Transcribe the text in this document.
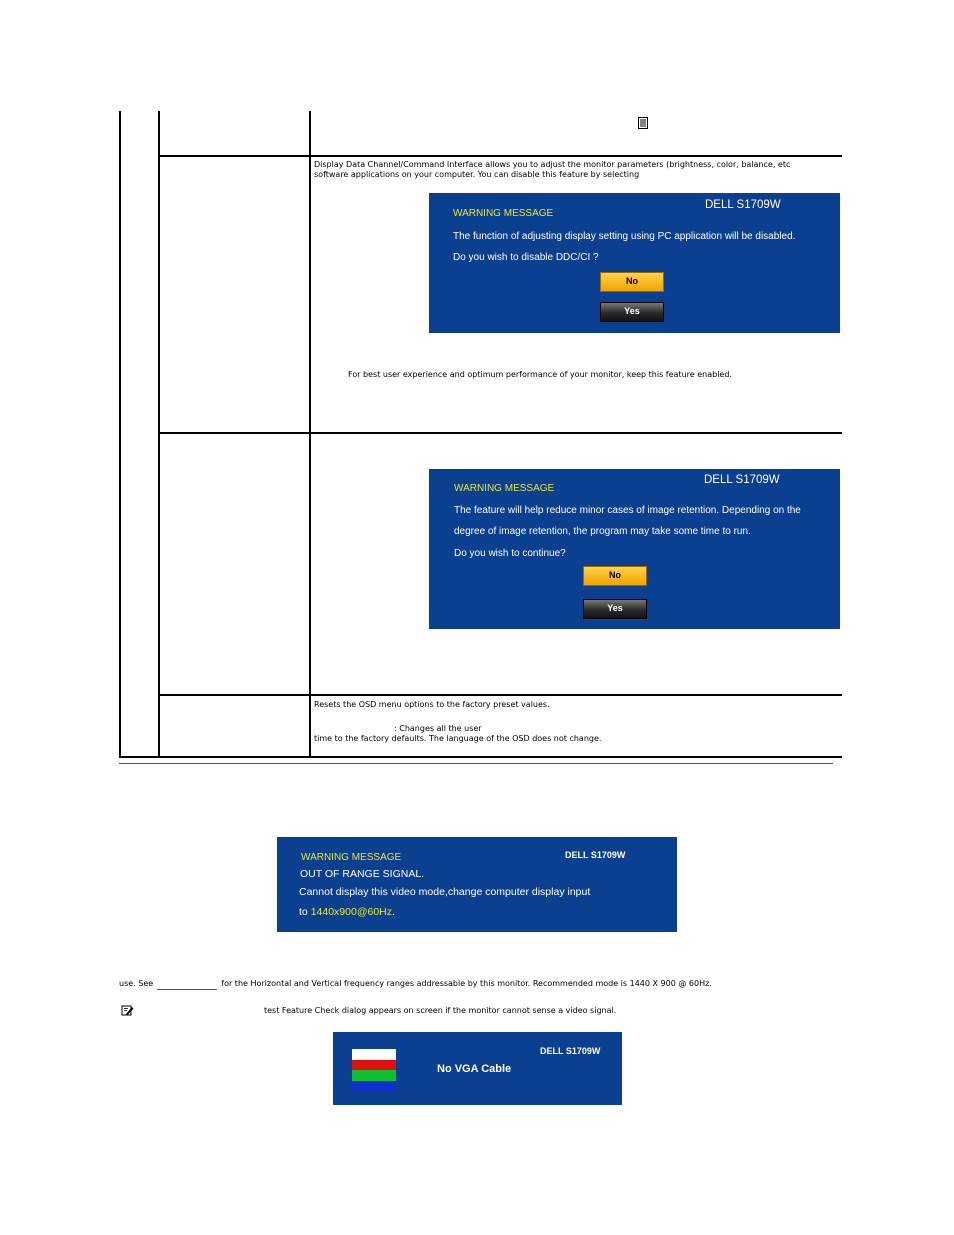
Display Data Channel/Command Interface allows you to adjust the monitor parameters (brightness, color, balance, etc
software applications on your computer. You can disable this feature by selecting
WARNING MESSAGE
DELL S1709W
The function of adjusting display setting using PC application will be disabled.
Do you wish to disable DDC/CI ?
No
Yes
For best user experience and optimum performance of your monitor, keep this feature enabled.
WARNING MESSAGE
DELL S1709W
The feature will help reduce minor cases of image retention. Depending on the
degree of image retention, the program may take some time to run.
Do you wish to continue?
No
Yes
Resets the OSD menu options to the factory preset values.
: Changes all the user
time to the factory defaults. The language of the OSD does not change.
WARNING MESSAGE	DELL S1709W
OUT OF RANGE SIGNAL.
Cannot display this video mode,change computer display input
to 1440x900@60Hz.
use. See	for the Horizontal and Vertical frequency ranges addressable by this monitor. Recommended mode is 1440 X 900 @ 60Hz.
test Feature Check dialog appears on screen if the monitor cannot sense a video signal.
DELL S1709W
No VGA Cable
